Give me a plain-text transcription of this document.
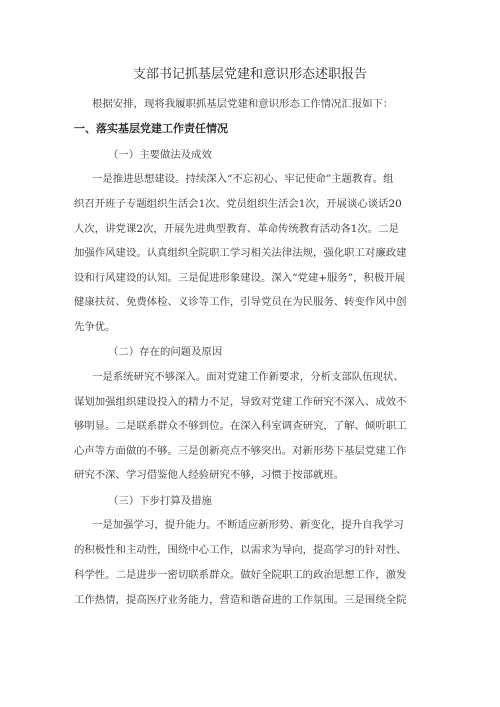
支部书记抓基层党建和意识形态述职报告
根据安排，现将我履职抓基层党建和意识形态工作情况汇报如下：
一、落实基层党建工作责任情况
（一）主要做法及成效
一是推进思想建设。持续深入“不忘初心、牢记使命”主题教育。组
织召开班子专题组织生活会1次、党员组织生活会1次，开展谈心谈话20
人次，讲党课2次，开展先进典型教育、革命传统教育活动各1次。二是
加强作风建设。认真组织全院职工学习相关法律法规，强化职工对廉政建
设和行风建设的认知。三是促进形象建设。深入“党建+服务”，积极开展
健康扶贫、免费体检、义诊等工作，引导党员在为民服务、转变作风中创
先争优。
（二）存在的问题及原因
一是系统研究不够深入。面对党建工作新要求，分析支部队伍现状、
谋划加强组织建设投入的精力不足，导致对党建工作研究不深入、成效不
够明显。二是联系群众不够到位。在深入科室调查研究，了解、倾听职工
心声等方面做的不够。三是创新亮点不够突出。对新形势下基层党建工作
研究不深、学习借鉴他人经验研究不够，习惯于按部就班。
（三）下步打算及措施
一是加强学习，提升能力。不断适应新形势、新变化，提升自我学习
的积极性和主动性，围绕中心工作，以需求为导向，提高学习的针对性、
科学性。二是进步一密切联系群众。做好全院职工的政治思想工作，激发
工作热情，提高医疗业务能力，营造和谐奋进的工作氛围。三是围绕全院
